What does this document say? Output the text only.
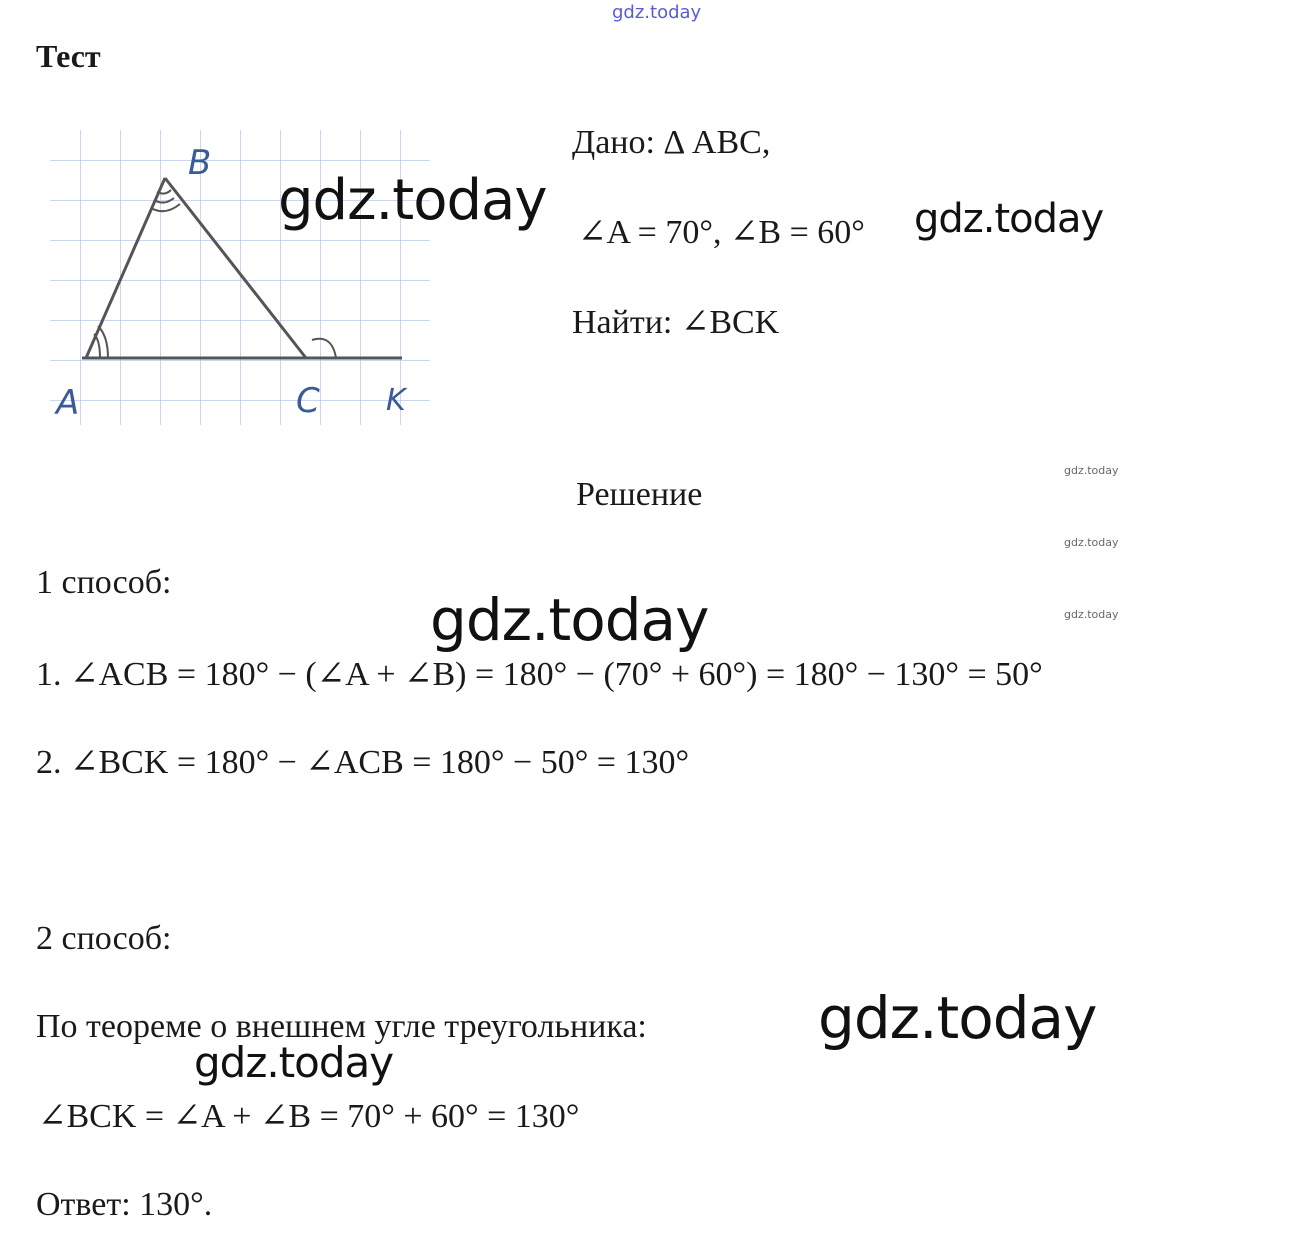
gdz.today
Тест
A
B
C K
gdz.today
Дано: Δ ABC,
∠A = 70°, ∠B = 60° gdz.today
Найти: ∠BCK
gdz.today
gdz.today
gdz.today
Решение
1 способ:
gdz.today
1. ∠ACB = 180° − (∠A + ∠B) = 180° − (70° + 60°) = 180° − 130° = 50°
2. ∠BCK = 180° − ∠ACB = 180° − 50° = 130°
2 способ:
gdz.today
По теореме о внешнем угле треугольника:
gdz.today
∠BCK = ∠A + ∠B = 70° + 60° = 130°
Ответ: 130°.
